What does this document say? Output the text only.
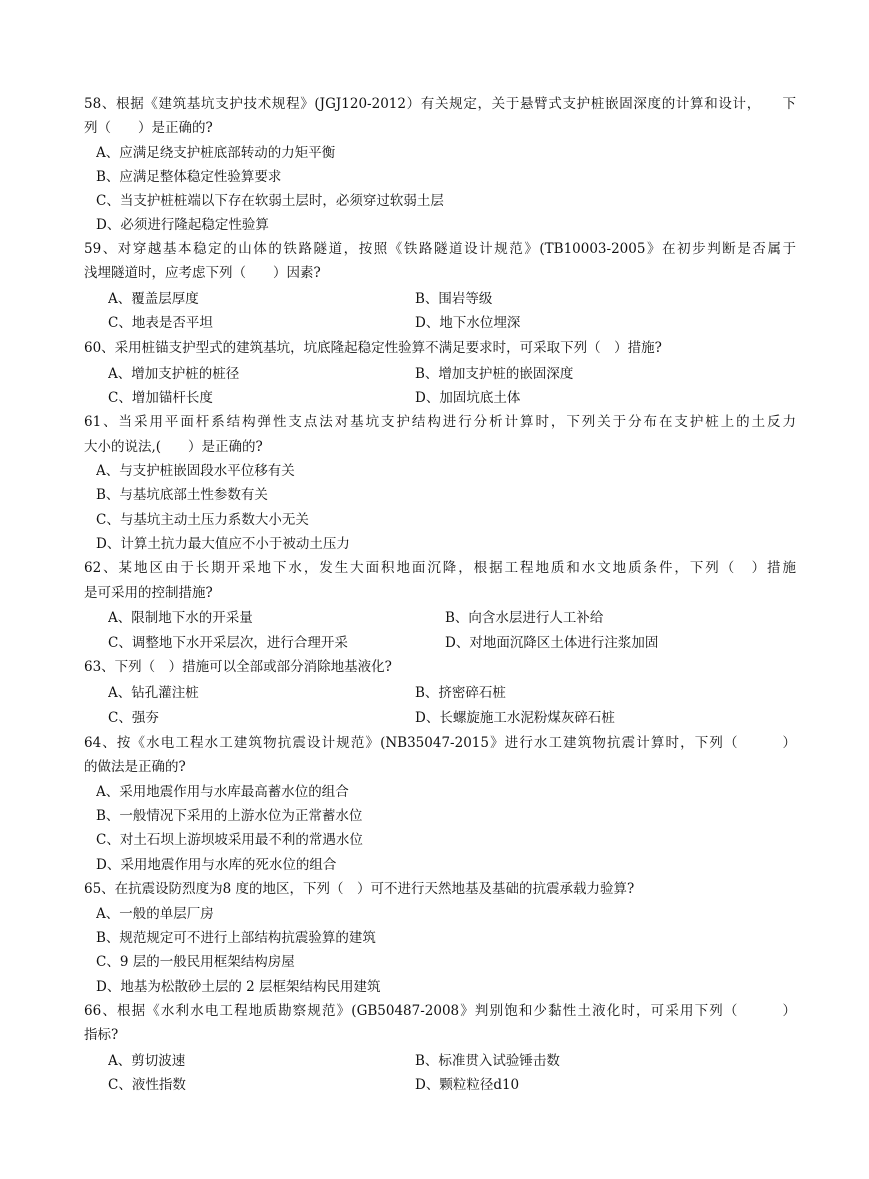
58、根据《建筑基坑支护技术规程》(JGJ120-2012）有关规定，关于悬臂式支护桩嵌固深度的计算和设计，　　下
列（　　）是正确的?
A、应满足绕支护桩底部转动的力矩平衡
B、应满足整体稳定性验算要求
C、当支护桩桩端以下存在软弱土层时，必须穿过软弱土层
D、必须进行隆起稳定性验算
59、对穿越基本稳定的山体的铁路隧道，按照《铁路隧道设计规范》(TB10003-2005》在初步判断是否属于
浅埋隧道时，应考虑下列（　　）因素?
A、覆盖层厚度	B、围岩等级
C、地表是否平坦	D、地下水位埋深
60、采用桩锚支护型式的建筑基坑，坑底隆起稳定性验算不满足要求时，可采取下列（　）措施?
A、增加支护桩的桩径	B、增加支护桩的嵌固深度
C、增加锚杆长度	D、加固坑底土体
61、当采用平面杆系结构弹性支点法对基坑支护结构进行分析计算时，下列关于分布在支护桩上的土反力
大小的说法,(　　）是正确的?
A、与支护桩嵌固段水平位移有关
B、与基坑底部土性参数有关
C、与基坑主动土压力系数大小无关
D、计算土抗力最大值应不小于被动土压力
62、某地区由于长期开采地下水，发生大面积地面沉降，根据工程地质和水文地质条件，下列（　）措施
是可采用的控制措施?
A、限制地下水的开采量	B、向含水层进行人工补给
C、调整地下水开采层次，进行合理开采	D、对地面沉降区土体进行注浆加固
63、下列（　）措施可以全部或部分消除地基液化?
A、钻孔灌注桩	B、挤密碎石桩
C、强夯	D、长螺旋施工水泥粉煤灰碎石桩
64、按《水电工程水工建筑物抗震设计规范》(NB35047-2015》进行水工建筑物抗震计算时，下列（　　　）
的做法是正确的?
A、采用地震作用与水库最高蓄水位的组合
B、一般情况下采用的上游水位为正常蓄水位
C、对土石坝上游坝坡采用最不利的常遇水位
D、采用地震作用与水库的死水位的组合
65、在抗震设防烈度为8 度的地区，下列（　）可不进行天然地基及基础的抗震承载力验算?
A、一般的单层厂房
B、规范规定可不进行上部结构抗震验算的建筑
C、9 层的一般民用框架结构房屋
D、地基为松散砂土层的 2 层框架结构民用建筑
66、根据《水利水电工程地质勘察规范》(GB50487-2008》判别饱和少黏性土液化时，可采用下列（　　　）
指标?
A、剪切波速	B、标准贯入试验锤击数
C、液性指数	D、颗粒粒径d10
